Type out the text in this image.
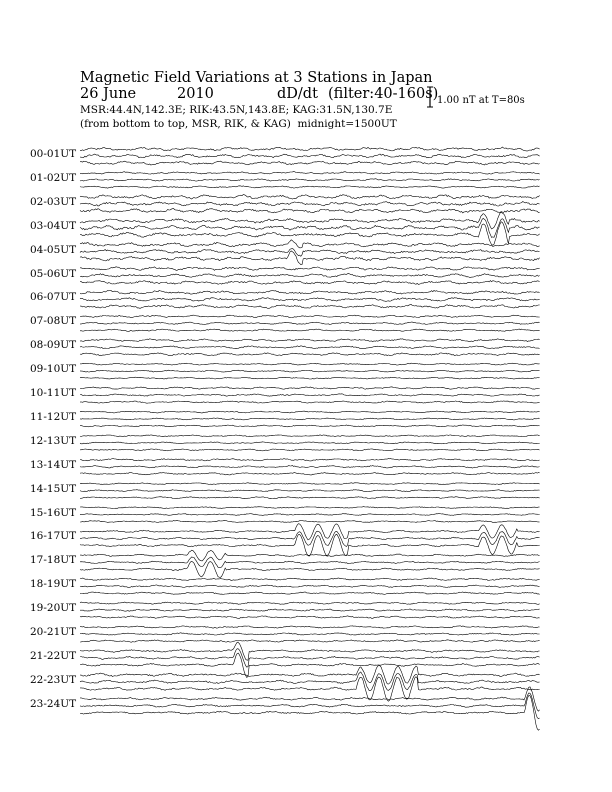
Magnetic Field Variations at 3 Stations in Japan
26 June	2010	dD/dt (filter:40-160s)
MSR:44.4N,142.3E; RIK:43.5N,143.8E; KAG:31.5N,130.7E
(from bottom to top, MSR, RIK, & KAG) midnight=1500UT
1.00 nT at T=80s
00-01UT
01-02UT
02-03UT
03-04UT
04-05UT
05-06UT
06-07UT
07-08UT
08-09UT
09-10UT
10-11UT
11-12UT
12-13UT
13-14UT
14-15UT
15-16UT
16-17UT
17-18UT
18-19UT
19-20UT
20-21UT
21-22UT
22-23UT
23-24UT
